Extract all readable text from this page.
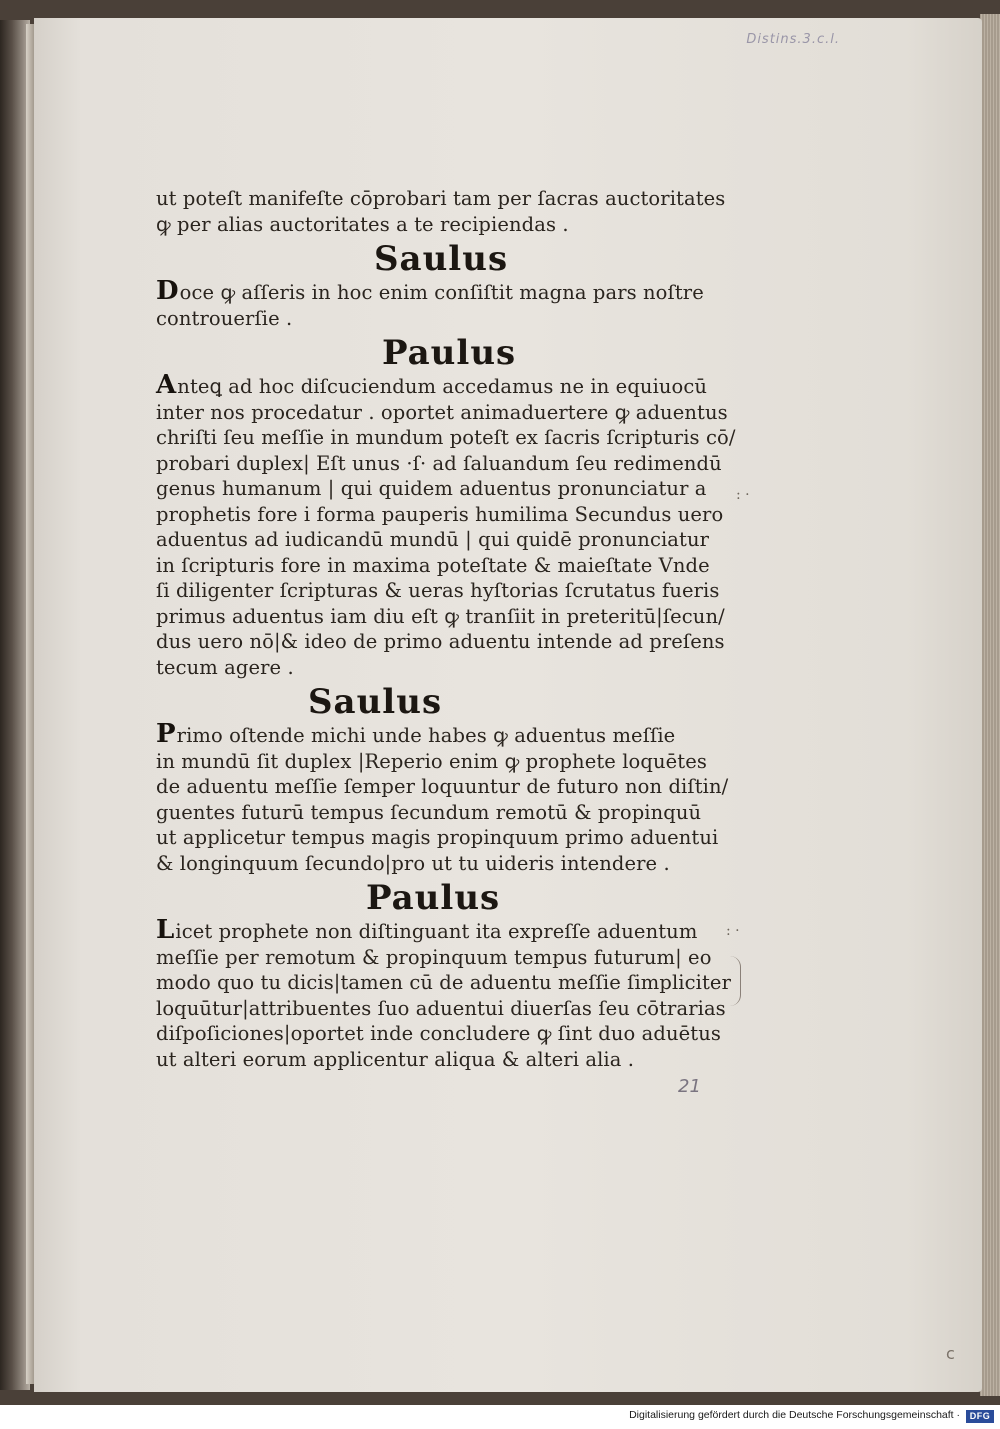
Distins.3.c.l.
ut poteſt manifeſte cōprobari tam per ſacras auctoritates
ꝙ per alias auctoritates a te recipiendas .
Saulus
Doce ꝙ aſſeris in hoc enim conſiſtit magna pars noſtre
controuerſie .
Paulus
Anteꝗ ad hoc diſcuciendum accedamus ne in equiuocū
inter nos procedatur . oportet animaduertere ꝙ aduentus
chriſti ſeu meſſie in mundum poteſt ex ſacris ſcripturis cō/
probari duplex| Eſt unus ·ſ· ad ſaluandum ſeu redimendū
genus humanum | qui quidem aduentus pronunciatur a
prophetis fore i forma pauperis humilima Secundus uero
aduentus ad iudicandū mundū | qui quidē pronunciatur
in ſcripturis fore in maxima poteſtate & maieſtate Vnde
ſi diligenter ſcripturas & ueras hyſtorias ſcrutatus fueris
primus aduentus iam diu eſt ꝙ tranſiit in preteritū|ſecun/
dus uero nō|& ideo de primo aduentu intende ad preſens
tecum agere .
Saulus
Primo oſtende michi unde habes ꝙ aduentus meſſie
in mundū ſit duplex |Reperio enim ꝙ prophete loquētes
de aduentu meſſie ſemper loquuntur de futuro non diſtin/
guentes futurū tempus ſecundum remotū & propinquū
ut applicetur tempus magis propinquum primo aduentui
& longinquum ſecundo|pro ut tu uideris intendere .
Paulus
Licet prophete non diſtinguant ita expreſſe aduentum
meſſie per remotum & propinquum tempus futurum| eo
modo quo tu dicis|tamen cū de aduentu meſſie ſimpliciter
loquūtur|attribuentes ſuo aduentui diuerſas ſeu cōtrarias
diſpoſiciones|oportet inde concludere ꝙ ſint duo aduētus
ut alteri eorum applicentur aliqua & alteri alia .
: ·
: ·
21
c
Digitalisierung gefördert durch die Deutsche Forschungsgemeinschaft ·	DFG
